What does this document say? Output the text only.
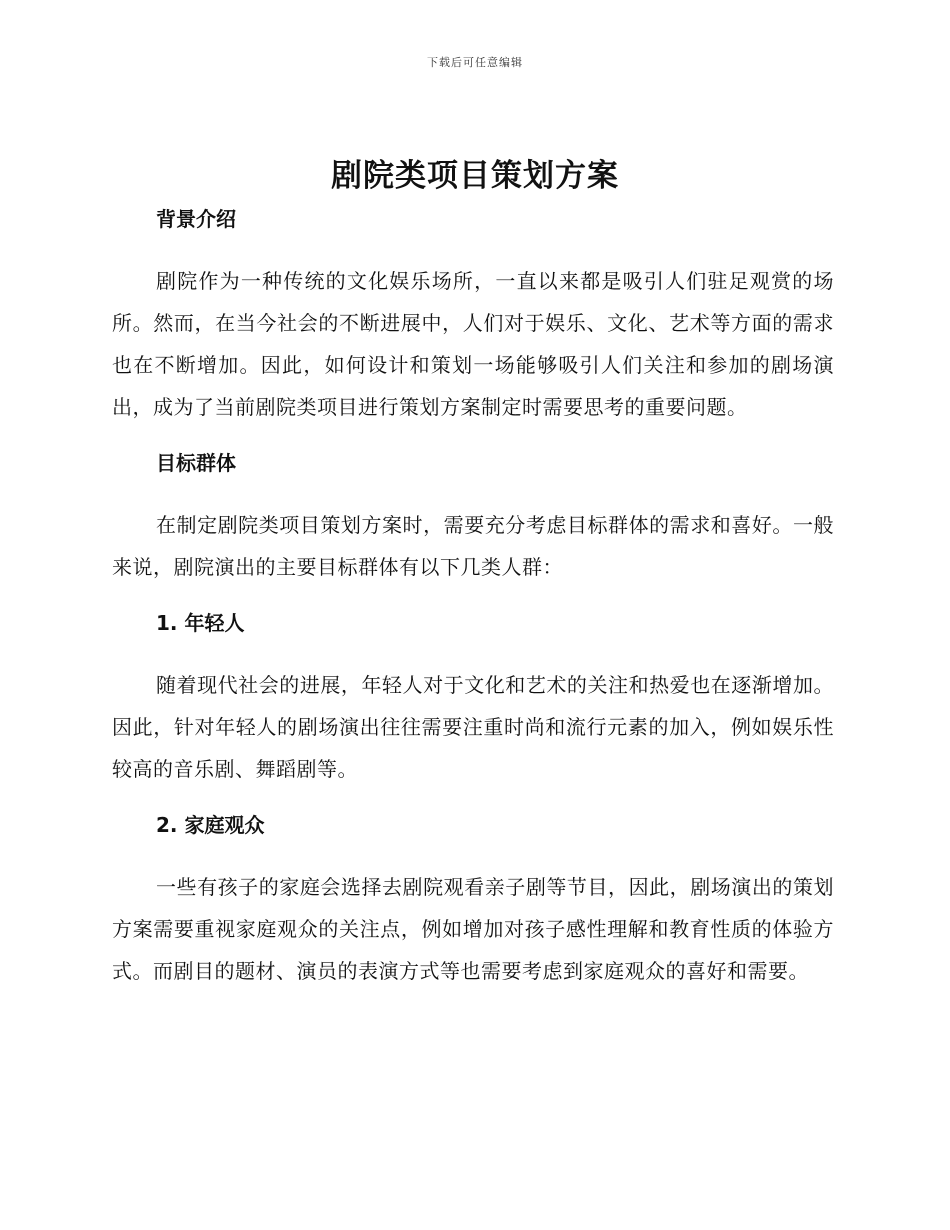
下载后可任意编辑
剧院类项目策划方案
背景介绍

剧院作为一种传统的文化娱乐场所，一直以来都是吸引人们驻足观赏的场所。然而，在当今社会的不断进展中，人们对于娱乐、文化、艺术等方面的需求也在不断增加。因此，如何设计和策划一场能够吸引人们关注和参加的剧场演出，成为了当前剧院类项目进行策划方案制定时需要思考的重要问题。

目标群体

在制定剧院类项目策划方案时，需要充分考虑目标群体的需求和喜好。一般来说，剧院演出的主要目标群体有以下几类人群：

1. 年轻人

随着现代社会的进展，年轻人对于文化和艺术的关注和热爱也在逐渐增加。因此，针对年轻人的剧场演出往往需要注重时尚和流行元素的加入，例如娱乐性较高的音乐剧、舞蹈剧等。

2. 家庭观众

一些有孩子的家庭会选择去剧院观看亲子剧等节目，因此，剧场演出的策划方案需要重视家庭观众的关注点，例如增加对孩子感性理解和教育性质的体验方式。而剧目的题材、演员的表演方式等也需要考虑到家庭观众的喜好和需要。
